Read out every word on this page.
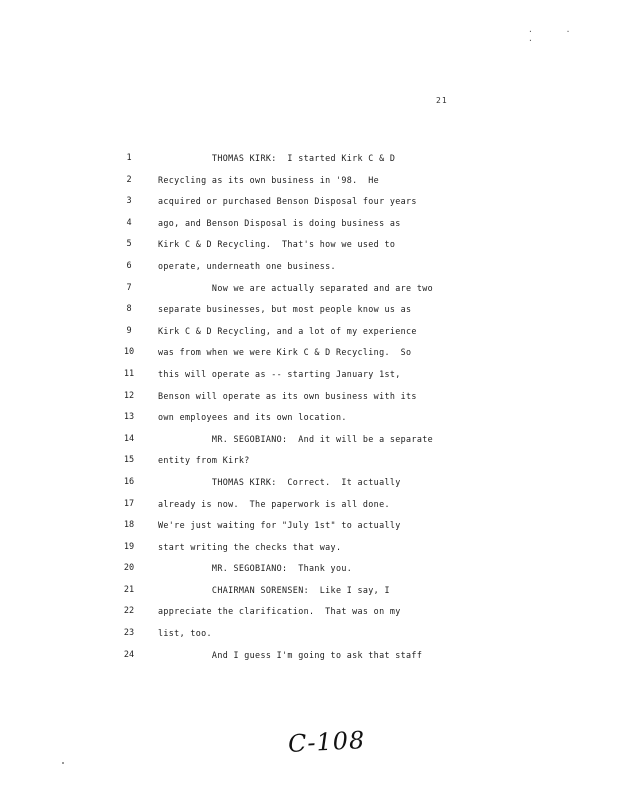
· · ·
21
1	THOMAS KIRK:  I started Kirk C & D
2	Recycling as its own business in '98.  He
3	acquired or purchased Benson Disposal four years
4	ago, and Benson Disposal is doing business as
5	Kirk C & D Recycling.  That's how we used to
6	operate, underneath one business.
7	Now we are actually separated and are two
8	separate businesses, but most people know us as
9	Kirk C & D Recycling, and a lot of my experience
10	was from when we were Kirk C & D Recycling.  So
11	this will operate as -- starting January 1st,
12	Benson will operate as its own business with its
13	own employees and its own location.
14	MR. SEGOBIANO:  And it will be a separate
15	entity from Kirk?
16	THOMAS KIRK:  Correct.  It actually
17	already is now.  The paperwork is all done.
18	We're just waiting for "July 1st" to actually
19	start writing the checks that way.
20	MR. SEGOBIANO:  Thank you.
21	CHAIRMAN SORENSEN:  Like I say, I
22	appreciate the clarification.  That was on my
23	list, too.
24	And I guess I'm going to ask that staff
C-108
